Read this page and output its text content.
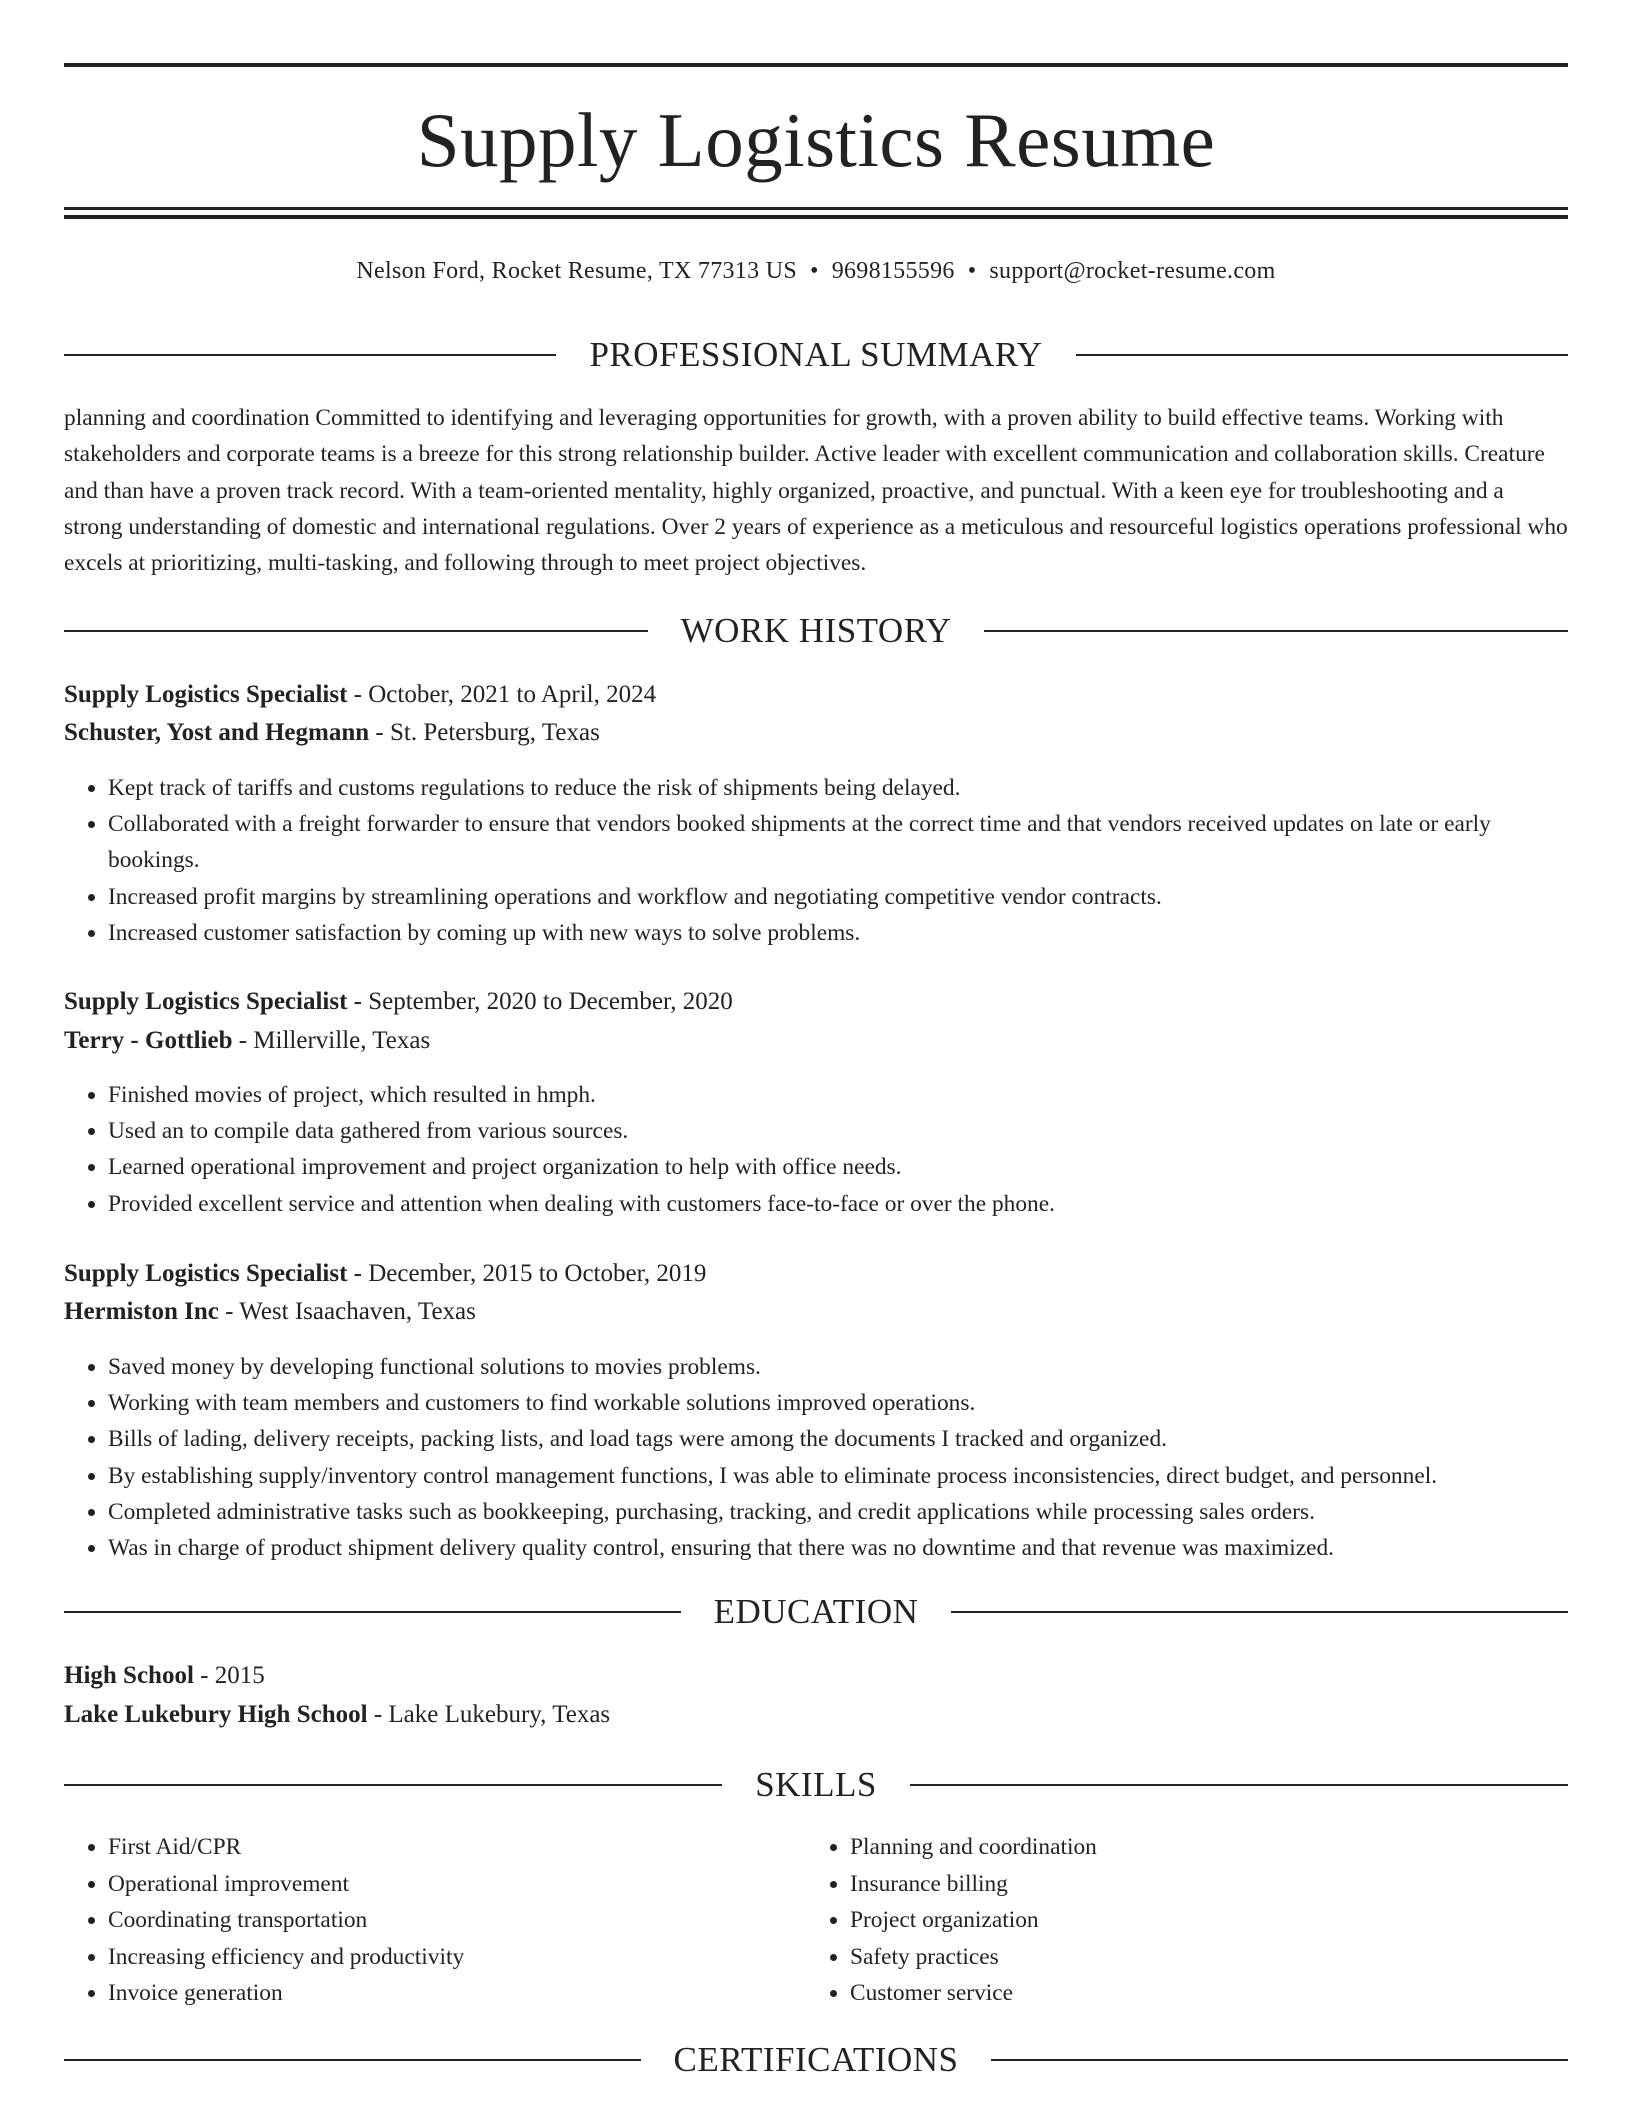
Supply Logistics Resume
Nelson Ford, Rocket Resume, TX 77313 US • 9698155596 • support@rocket-resume.com
PROFESSIONAL SUMMARY

planning and coordination Committed to identifying and leveraging opportunities for growth, with a proven ability to build effective teams. Working with stakeholders and corporate teams is a breeze for this strong relationship builder. Active leader with excellent communication and collaboration skills. Creature and than have a proven track record. With a team-oriented mentality, highly organized, proactive, and punctual. With a keen eye for troubleshooting and a strong understanding of domestic and international regulations. Over 2 years of experience as a meticulous and resourceful logistics operations professional who excels at prioritizing, multi-tasking, and following through to meet project objectives.

WORK HISTORY
Supply Logistics Specialist - October, 2021 to April, 2024
Schuster, Yost and Hegmann - St. Petersburg, Texas
• Kept track of tariffs and customs regulations to reduce the risk of shipments being delayed.
• Collaborated with a freight forwarder to ensure that vendors booked shipments at the correct time and that vendors received updates on late or early bookings.
• Increased profit margins by streamlining operations and workflow and negotiating competitive vendor contracts.
• Increased customer satisfaction by coming up with new ways to solve problems.
Supply Logistics Specialist - September, 2020 to December, 2020
Terry - Gottlieb - Millerville, Texas
• Finished movies of project, which resulted in hmph.
• Used an to compile data gathered from various sources.
• Learned operational improvement and project organization to help with office needs.
• Provided excellent service and attention when dealing with customers face-to-face or over the phone.
Supply Logistics Specialist - December, 2015 to October, 2019
Hermiston Inc - West Isaachaven, Texas
• Saved money by developing functional solutions to movies problems.
• Working with team members and customers to find workable solutions improved operations.
• Bills of lading, delivery receipts, packing lists, and load tags were among the documents I tracked and organized.
• By establishing supply/inventory control management functions, I was able to eliminate process inconsistencies, direct budget, and personnel.
• Completed administrative tasks such as bookkeeping, purchasing, tracking, and credit applications while processing sales orders.
• Was in charge of product shipment delivery quality control, ensuring that there was no downtime and that revenue was maximized.
EDUCATION
High School - 2015
Lake Lukebury High School - Lake Lukebury, Texas
SKILLS
• First Aid/CPR
• Operational improvement
• Coordinating transportation
• Increasing efficiency and productivity
• Invoice generation
• Planning and coordination
• Insurance billing
• Project organization
• Safety practices
• Customer service
CERTIFICATIONS
